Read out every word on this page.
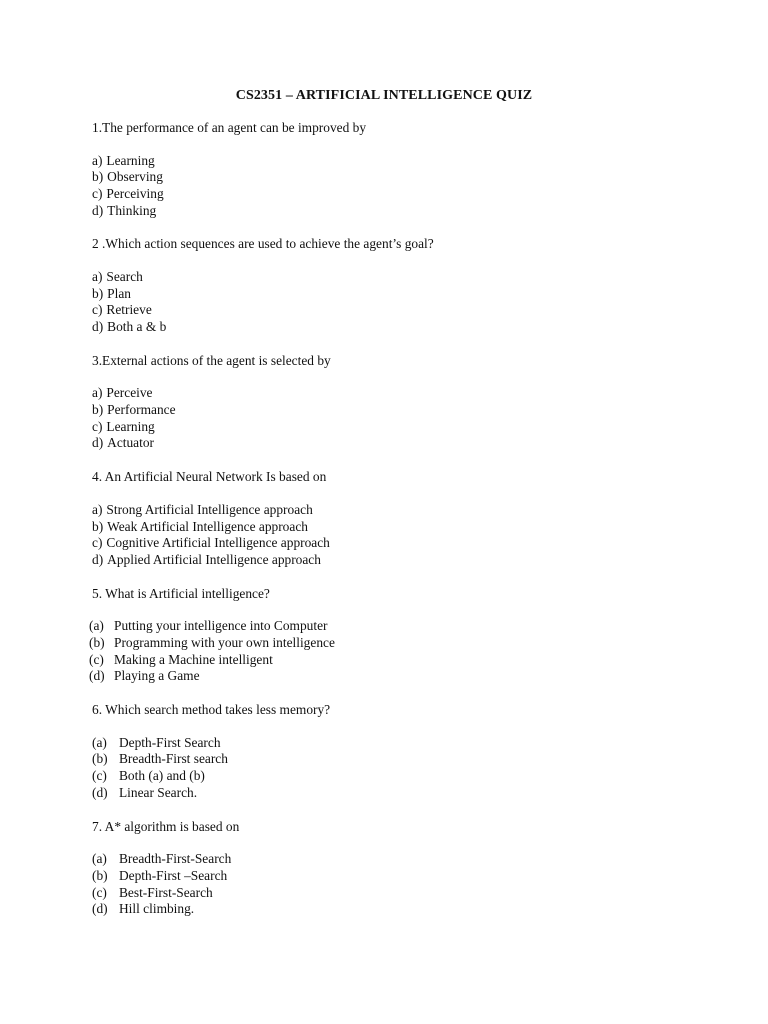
CS2351 – ARTIFICIAL INTELLIGENCE QUIZ
1.The performance of an agent can be improved by
a) Learning
b) Observing
c) Perceiving
d) Thinking
2 .Which action sequences are used to achieve the agent’s goal?
a) Search
b) Plan
c) Retrieve
d) Both a & b
3.External actions of the agent is selected by
a) Perceive
b) Performance
c) Learning
d) Actuator
4. An Artificial Neural Network Is based on
a) Strong Artificial Intelligence approach
b) Weak Artificial Intelligence approach
c) Cognitive Artificial Intelligence approach
d) Applied Artificial Intelligence approach
5. What is Artificial intelligence?
(a) Putting your intelligence into Computer
(b) Programming with your own intelligence
(c) Making a Machine intelligent
(d) Playing a Game
6. Which search method takes less memory?
(a) Depth-First Search
(b) Breadth-First search
(c) Both (a) and (b)
(d) Linear Search.
7. A* algorithm is based on
(a) Breadth-First-Search
(b) Depth-First –Search
(c) Best-First-Search
(d) Hill climbing.
